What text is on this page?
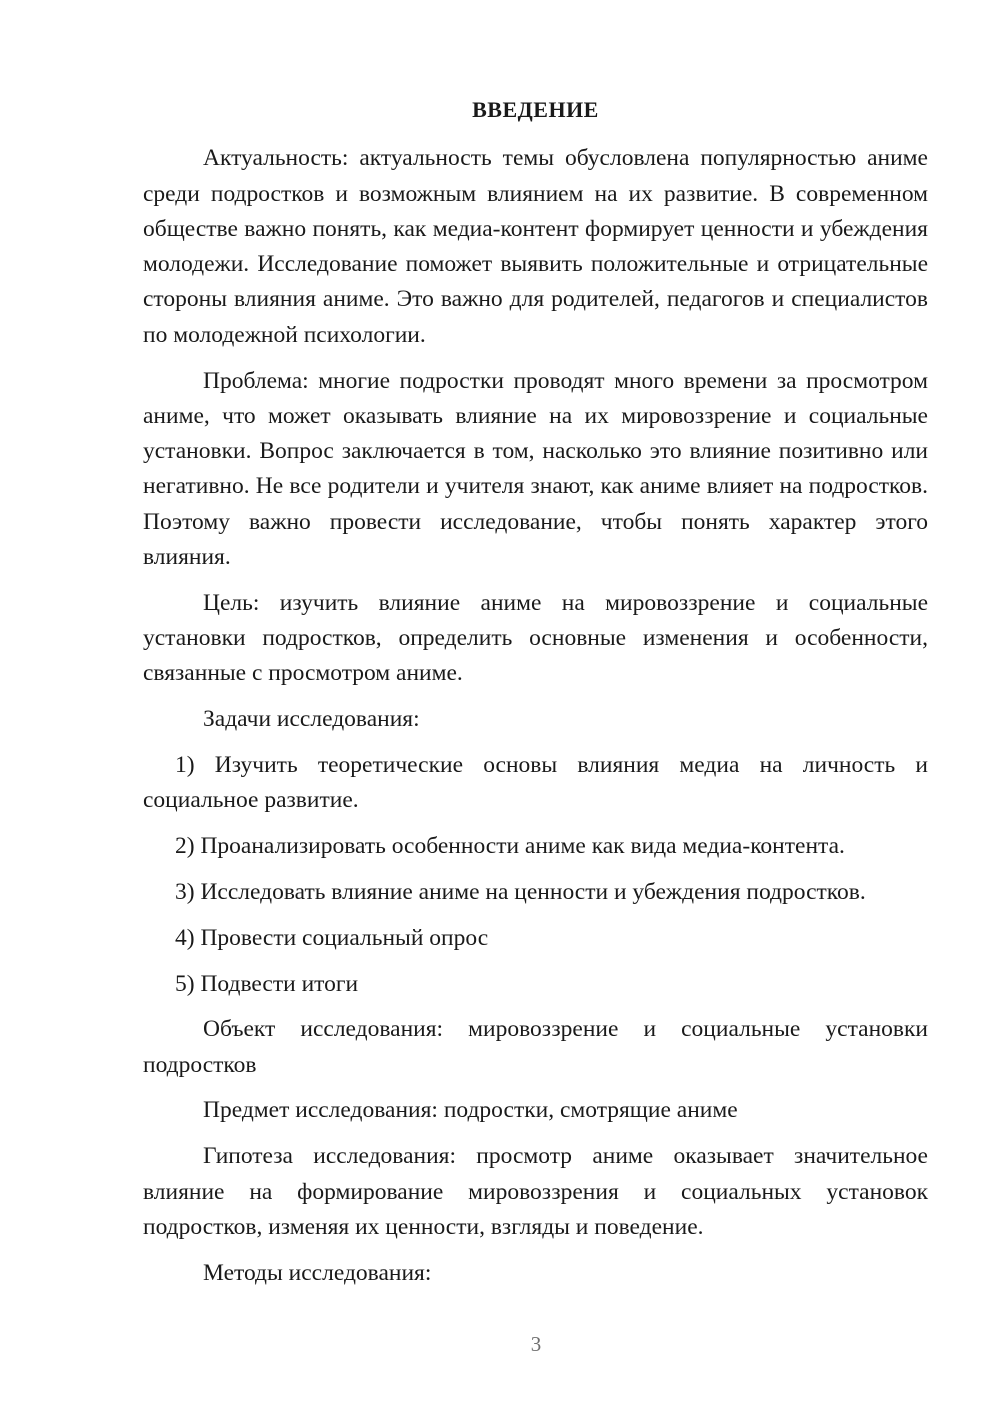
ВВЕДЕНИЕ

Актуальность: актуальность темы обусловлена популярностью аниме среди подростков и возможным влиянием на их развитие. В современном обществе важно понять, как медиа-контент формирует ценности и убеждения молодежи. Исследование поможет выявить положительные и отрицательные стороны влияния аниме. Это важно для родителей, педагогов и специалистов по молодежной психологии.

Проблема: многие подростки проводят много времени за просмотром аниме, что может оказывать влияние на их мировоззрение и социальные установки. Вопрос заключается в том, насколько это влияние позитивно или негативно. Не все родители и учителя знают, как аниме влияет на подростков. Поэтому важно провести исследование, чтобы понять характер этого влияния.

Цель: изучить влияние аниме на мировоззрение и социальные установки подростков, определить основные изменения и особенности, связанные с просмотром аниме.

Задачи исследования:

1) Изучить теоретические основы влияния медиа на личность и социальное развитие.

2) Проанализировать особенности аниме как вида медиа-контента.

3) Исследовать влияние аниме на ценности и убеждения подростков.

4) Провести социальный опрос

5) Подвести итоги

Объект исследования: мировоззрение и социальные установки подростков

Предмет исследования: подростки, смотрящие аниме

Гипотеза исследования: просмотр аниме оказывает значительное влияние на формирование мировоззрения и социальных установок подростков, изменяя их ценности, взгляды и поведение.

Методы исследования:

3
